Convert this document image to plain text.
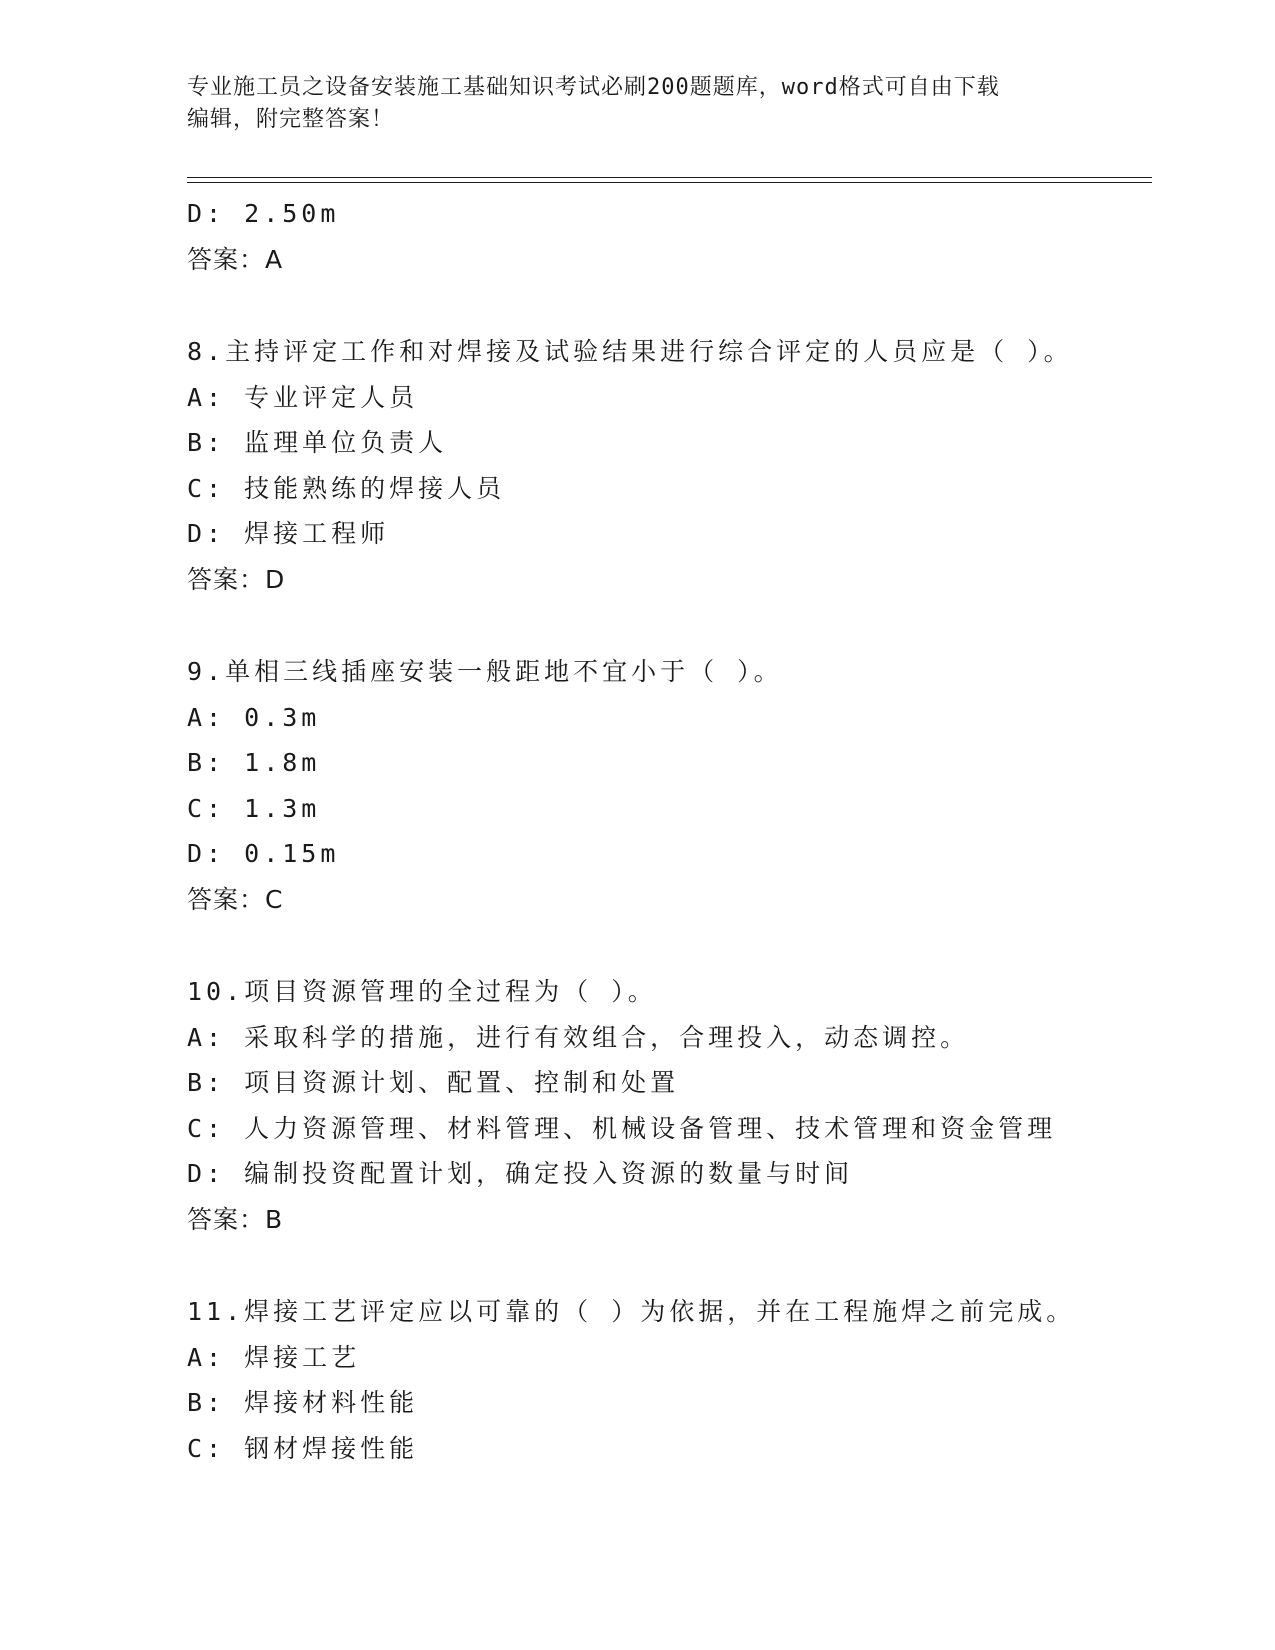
专业施工员之设备安装施工基础知识考试必刷200题题库，word格式可自由下载
编辑，附完整答案！
D: 2.50m
答案：A
8.主持评定工作和对焊接及试验结果进行综合评定的人员应是（ ）。
A: 专业评定人员
B: 监理单位负责人
C: 技能熟练的焊接人员
D: 焊接工程师
答案：D
9.单相三线插座安装一般距地不宜小于（ ）。
A: 0.3m
B: 1.8m
C: 1.3m
D: 0.15m
答案：C
10.项目资源管理的全过程为（ ）。
A: 采取科学的措施，进行有效组合，合理投入，动态调控。
B: 项目资源计划、配置、控制和处置
C: 人力资源管理、材料管理、机械设备管理、技术管理和资金管理
D: 编制投资配置计划，确定投入资源的数量与时间
答案：B
11.焊接工艺评定应以可靠的（ ）为依据，并在工程施焊之前完成。
A: 焊接工艺
B: 焊接材料性能
C: 钢材焊接性能
